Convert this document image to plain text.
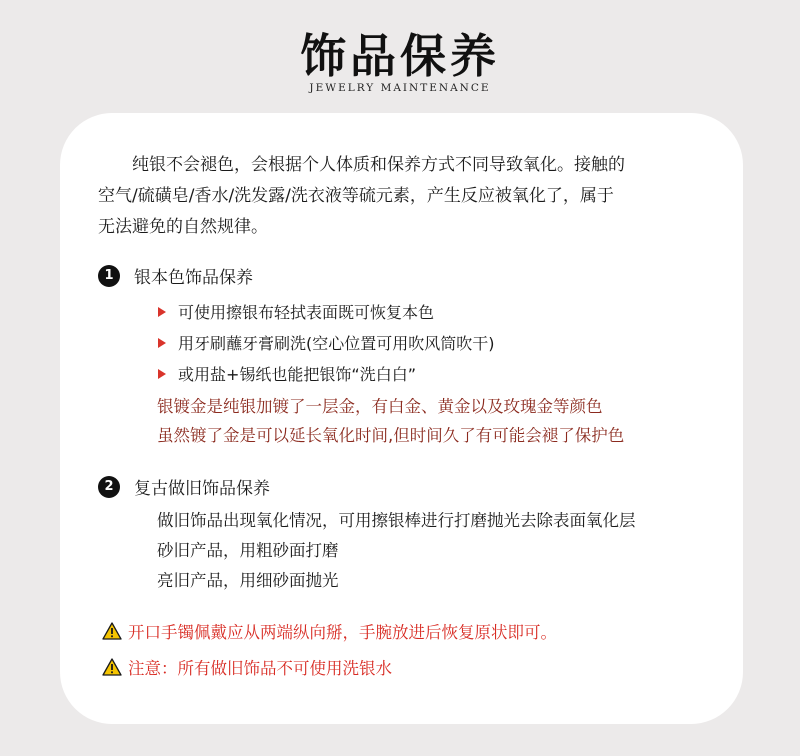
饰品保养
JEWELRY MAINTENANCE

纯银不会褪色，会根据个人体质和保养方式不同导致氧化。接触的

空气/硫磺皂/香水/洗发露/洗衣液等硫元素，产生反应被氧化了，属于

无法避免的自然规律。

1	银本色饰品保养
可使用擦银布轻拭表面既可恢复本色
用牙刷蘸牙膏刷洗(空心位置可用吹风筒吹干)
或用盐+锡纸也能把银饰“洗白白”

银镀金是纯银加镀了一层金，有白金、黄金以及玫瑰金等颜色

虽然镀了金是可以延长氧化时间,但时间久了有可能会褪了保护色

2	复古做旧饰品保养

做旧饰品出现氧化情况，可用擦银棒进行打磨抛光去除表面氧化层

砂旧产品，用粗砂面打磨

亮旧产品，用细砂面抛光

开口手镯佩戴应从两端纵向掰，手腕放进后恢复原状即可。
注意：所有做旧饰品不可使用洗银水
